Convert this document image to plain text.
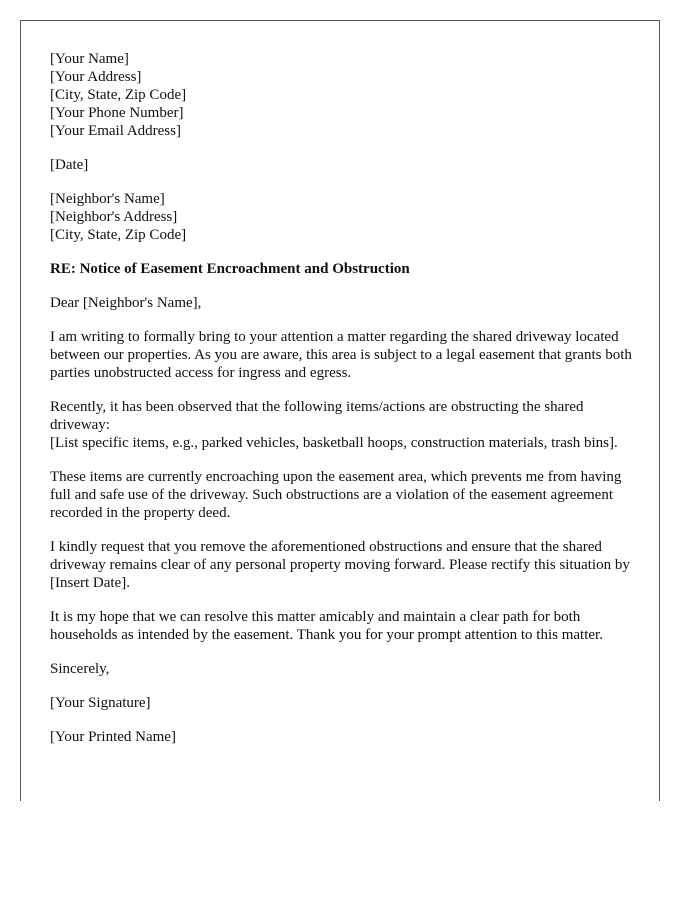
[Your Name]
[Your Address]
[City, State, Zip Code]
[Your Phone Number]
[Your Email Address]
[Date]
[Neighbor's Name]
[Neighbor's Address]
[City, State, Zip Code]

RE: Notice of Easement Encroachment and Obstruction

Dear [Neighbor's Name],

I am writing to formally bring to your attention a matter regarding the shared driveway located between our properties. As you are aware, this area is subject to a legal easement that grants both parties unobstructed access for ingress and egress.

Recently, it has been observed that the following items/actions are obstructing the shared driveway:
[List specific items, e.g., parked vehicles, basketball hoops, construction materials, trash bins].

These items are currently encroaching upon the easement area, which prevents me from having full and safe use of the driveway. Such obstructions are a violation of the easement agreement recorded in the property deed.

I kindly request that you remove the aforementioned obstructions and ensure that the shared driveway remains clear of any personal property moving forward. Please rectify this situation by [Insert Date].

It is my hope that we can resolve this matter amicably and maintain a clear path for both households as intended by the easement. Thank you for your prompt attention to this matter.

Sincerely,

[Your Signature]

[Your Printed Name]
